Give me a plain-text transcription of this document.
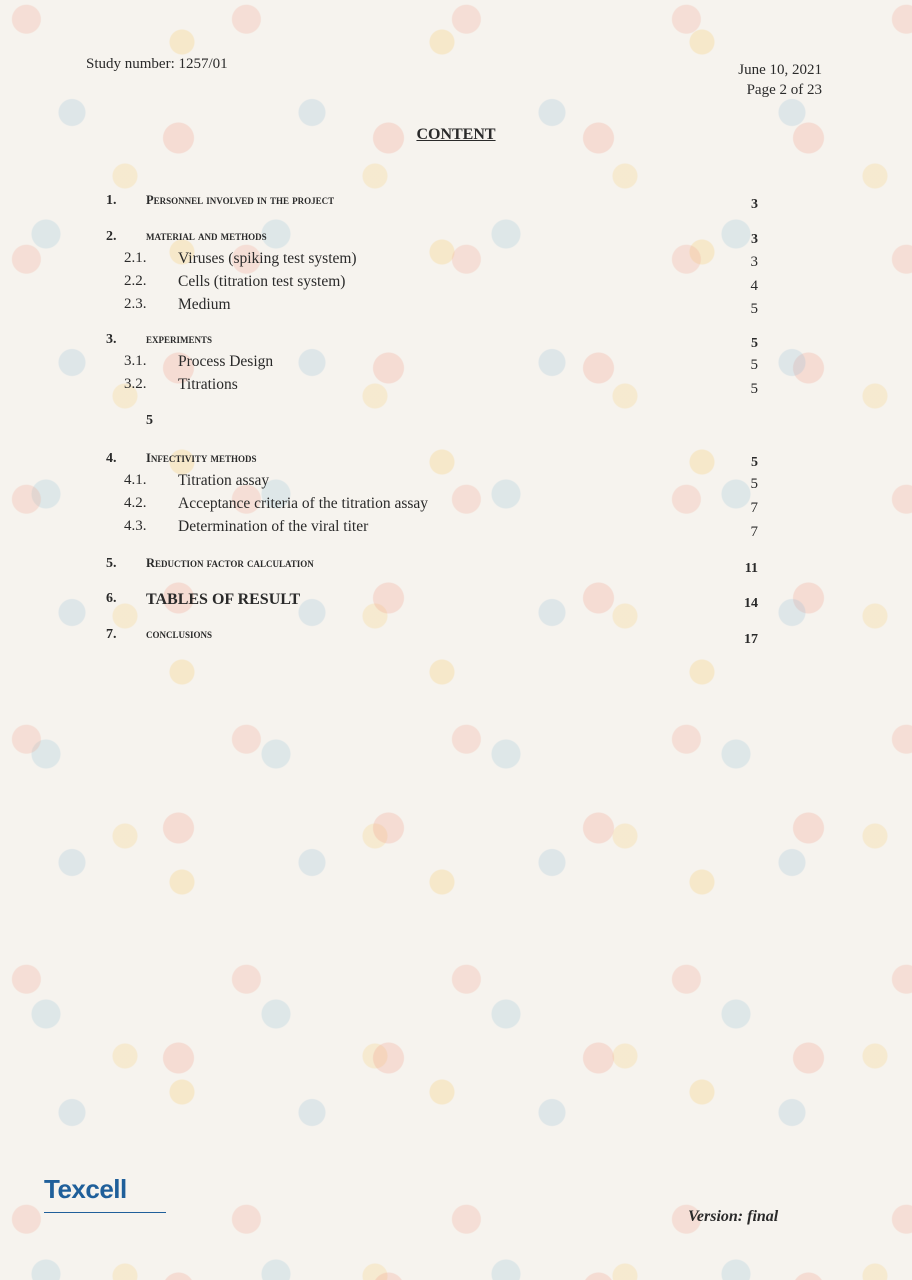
Study number: 1257/01	June 10, 2021
Page 2 of 23
CONTENT
1. Personnel involved in the project	3
2. material and methods	3
2.1. Viruses (spiking test system)	3
2.2. Cells (titration test system)	4
2.3. Medium	5
3. experiments	5
3.1. Process Design	5
3.2. Titrations	5
5
4. Infectivity methods	5
4.1. Titration assay	5
4.2. Acceptance criteria of the titration assay	7
4.3. Determination of the viral titer	7
5. Reduction factor calculation	11
6. TABLES OF RESULT	14
7. conclusions	17
Texcell
Version: final
